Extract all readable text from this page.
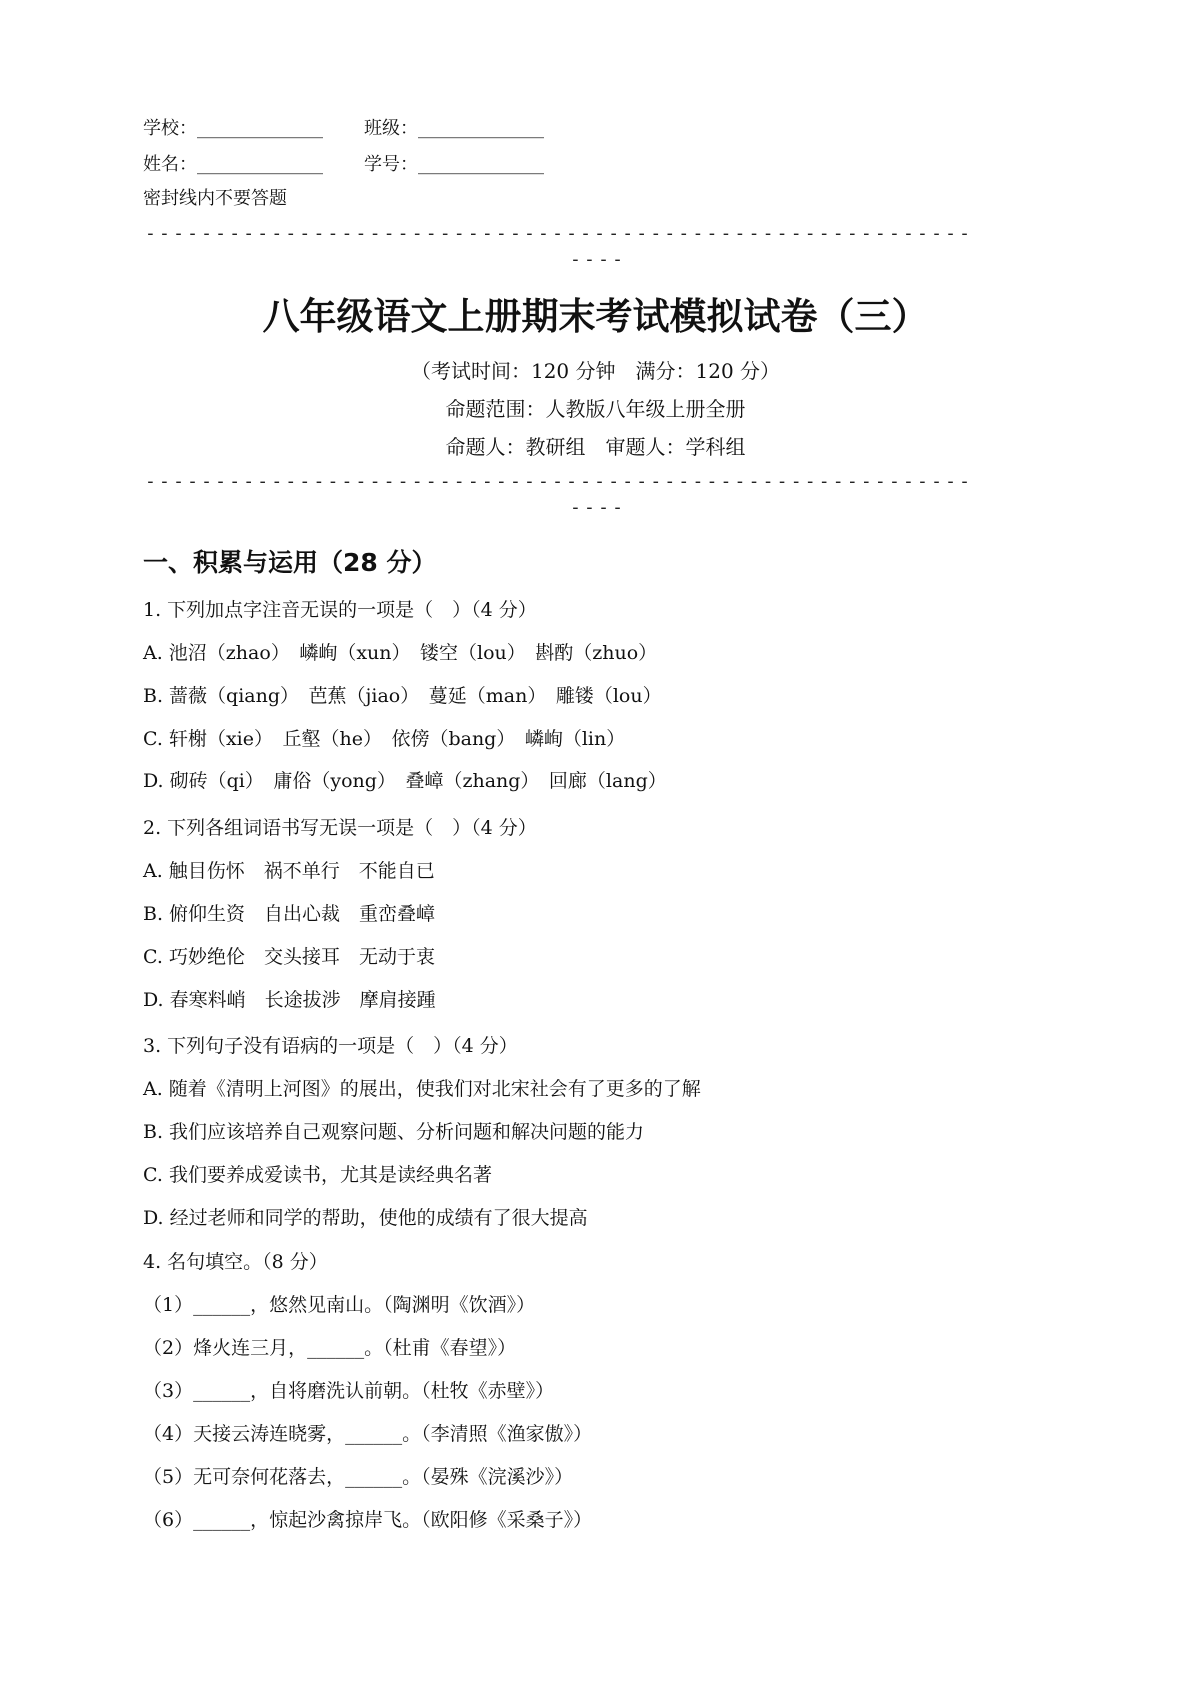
学校：______________ 班级：______________
姓名：______________ 学号：______________
密封线内不要答题
-----------------------------------------------------------
----
八年级语文上册期末考试模拟试卷（三）
（考试时间：120 分钟　满分：120 分）
命题范围：人教版八年级上册全册
命题人：教研组　审题人：学科组
-----------------------------------------------------------
----
一、积累与运用（28 分）
1. 下列加点字注音无误的一项是（　）（4 分）
A. 池沼（zhao）　嶙峋（xun）　镂空（lou）　斟酌（zhuo）
B. 蔷薇（qiang）　芭蕉（jiao）　蔓延（man）　雕镂（lou）
C. 轩榭（xie）　丘壑（he）　依傍（bang）　嶙峋（lin）
D. 砌砖（qi）　庸俗（yong）　叠嶂（zhang）　回廊（lang）
2. 下列各组词语书写无误一项是（　）（4 分）
A. 触目伤怀　祸不单行　不能自已
B. 俯仰生资　自出心裁　重峦叠嶂
C. 巧妙绝伦　交头接耳　无动于衷
D. 春寒料峭　长途拔涉　摩肩接踵
3. 下列句子没有语病的一项是（　）（4 分）
A. 随着《清明上河图》的展出，使我们对北宋社会有了更多的了解
B. 我们应该培养自己观察问题、分析问题和解决问题的能力
C. 我们要养成爱读书，尤其是读经典名著
D. 经过老师和同学的帮助，使他的成绩有了很大提高
4. 名句填空。（8 分）
（1）______，悠然见南山。（陶渊明《饮酒》）
（2）烽火连三月，______。（杜甫《春望》）
（3）______，自将磨洗认前朝。（杜牧《赤壁》）
（4）天接云涛连晓雾，______。（李清照《渔家傲》）
（5）无可奈何花落去，______。（晏殊《浣溪沙》）
（6）______，惊起沙禽掠岸飞。（欧阳修《采桑子》）
